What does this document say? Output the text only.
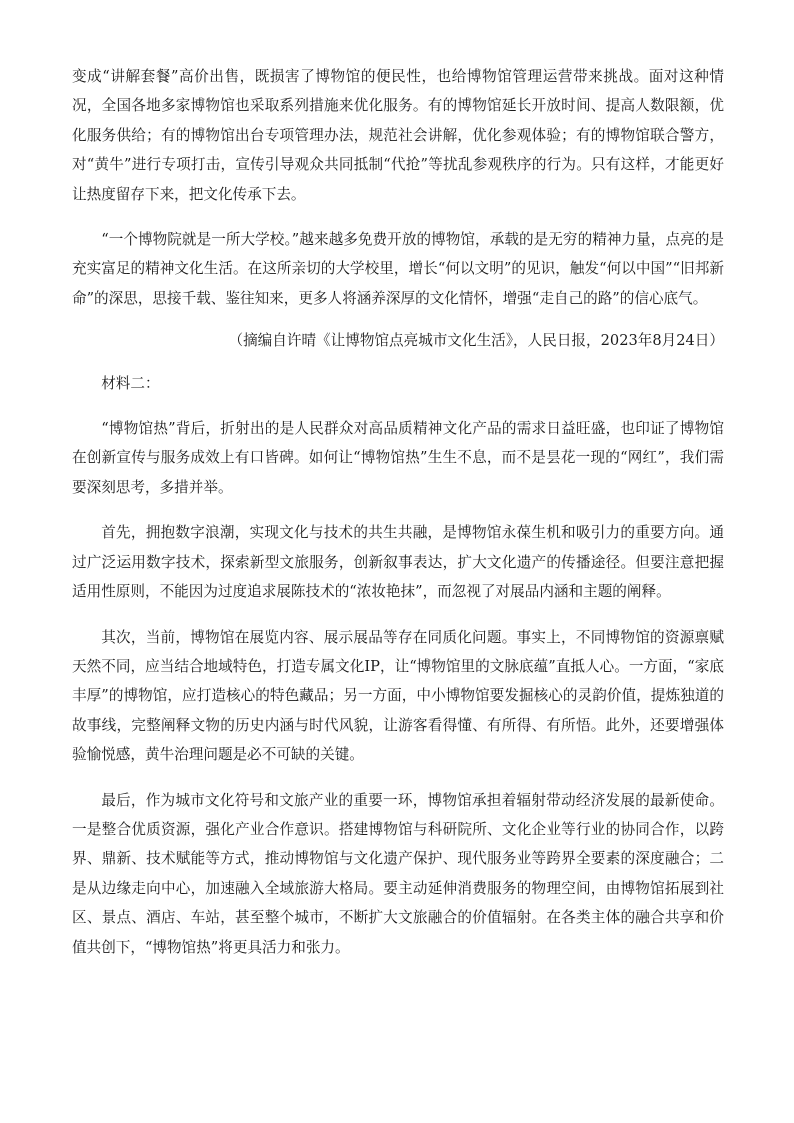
变成“讲解套餐”高价出售，既损害了博物馆的便民性，也给博物馆管理运营带来挑战。面对这种情况，全国各地多家博物馆也采取系列措施来优化服务。有的博物馆延长开放时间、提高人数限额，优化服务供给；有的博物馆出台专项管理办法，规范社会讲解，优化参观体验；有的博物馆联合警方，对“黄牛”进行专项打击，宣传引导观众共同抵制“代抢”等扰乱参观秩序的行为。只有这样，才能更好让热度留存下来，把文化传承下去。

“一个博物院就是一所大学校。”越来越多免费开放的博物馆，承载的是无穷的精神力量，点亮的是充实富足的精神文化生活。在这所亲切的大学校里，增长“何以文明”的见识，触发“何以中国”“旧邦新命”的深思，思接千载、鉴往知来，更多人将涵养深厚的文化情怀，增强“走自己的路”的信心底气。

（摘编自许晴《让博物馆点亮城市文化生活》，人民日报，2023年8月24日）

材料二：

“博物馆热”背后，折射出的是人民群众对高品质精神文化产品的需求日益旺盛，也印证了博物馆在创新宣传与服务成效上有口皆碑。如何让“博物馆热”生生不息，而不是昙花一现的“网红”，我们需要深刻思考，多措并举。

首先，拥抱数字浪潮，实现文化与技术的共生共融，是博物馆永葆生机和吸引力的重要方向。通过广泛运用数字技术，探索新型文旅服务，创新叙事表达，扩大文化遗产的传播途径。但要注意把握适用性原则，不能因为过度追求展陈技术的“浓妆艳抹”，而忽视了对展品内涵和主题的阐释。

其次，当前，博物馆在展览内容、展示展品等存在同质化问题。事实上，不同博物馆的资源禀赋天然不同，应当结合地域特色，打造专属文化IP，让“博物馆里的文脉底蕴”直抵人心。一方面，“家底丰厚”的博物馆，应打造核心的特色藏品；另一方面，中小博物馆要发掘核心的灵韵价值，提炼独道的故事线，完整阐释文物的历史内涵与时代风貌，让游客看得懂、有所得、有所悟。此外，还要增强体验愉悦感，黄牛治理问题是必不可缺的关键。

最后，作为城市文化符号和文旅产业的重要一环，博物馆承担着辐射带动经济发展的最新使命。一是整合优质资源，强化产业合作意识。搭建博物馆与科研院所、文化企业等行业的协同合作，以跨界、鼎新、技术赋能等方式，推动博物馆与文化遗产保护、现代服务业等跨界全要素的深度融合；二是从边缘走向中心，加速融入全域旅游大格局。要主动延伸消费服务的物理空间，由博物馆拓展到社区、景点、酒店、车站，甚至整个城市，不断扩大文旅融合的价值辐射。在各类主体的融合共享和价值共创下，“博物馆热”将更具活力和张力。
